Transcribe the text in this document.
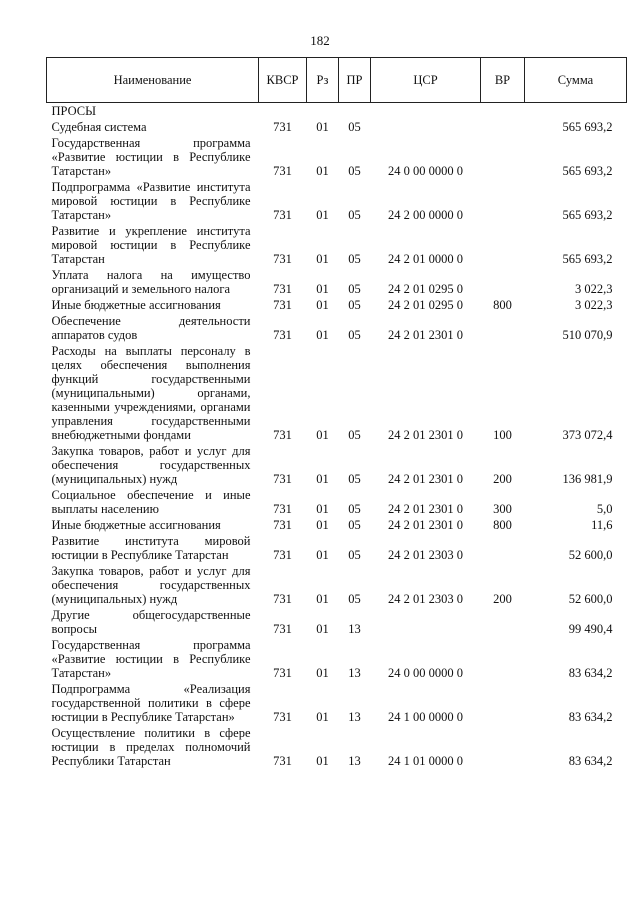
182
Наименование	КВСР	Рз	ПР	ЦСР	ВР	Сумма
ПРОСЫ						
Судебная система	731	01	05			565 693,2
Государственная программа «Развитие юстиции в Республике Татарстан»	731	01	05	24 0 00 0000 0		565 693,2
Подпрограмма «Развитие института мировой юстиции в Республике Татарстан»	731	01	05	24 2 00 0000 0		565 693,2
Развитие и укрепление института мировой юстиции в Республике Татарстан	731	01	05	24 2 01 0000 0		565 693,2
Уплата налога на имущество организаций и земельного налога	731	01	05	24 2 01 0295 0		3 022,3
Иные бюджетные ассигнования	731	01	05	24 2 01 0295 0	800	3 022,3
Обеспечение деятельности аппаратов судов	731	01	05	24 2 01 2301 0		510 070,9
Расходы на выплаты персоналу в целях обеспечения выполнения функций государственными (муниципальными) органами, казенными учреждениями, органами управления государственными внебюджетными фондами	731	01	05	24 2 01 2301 0	100	373 072,4
Закупка товаров, работ и услуг для обеспечения государственных (муниципальных) нужд	731	01	05	24 2 01 2301 0	200	136 981,9
Социальное обеспечение и иные выплаты населению	731	01	05	24 2 01 2301 0	300	5,0
Иные бюджетные ассигнования	731	01	05	24 2 01 2301 0	800	11,6
Развитие института мировой юстиции в Республике Татарстан	731	01	05	24 2 01 2303 0		52 600,0
Закупка товаров, работ и услуг для обеспечения государственных (муниципальных) нужд	731	01	05	24 2 01 2303 0	200	52 600,0
Другие общегосударственные вопросы	731	01	13			99 490,4
Государственная программа «Развитие юстиции в Республике Татарстан»	731	01	13	24 0 00 0000 0		83 634,2
Подпрограмма «Реализация государственной политики в сфере юстиции в Республике Татарстан»	731	01	13	24 1 00 0000 0		83 634,2
Осуществление политики в сфере юстиции в пределах полномочий Республики Татарстан	731	01	13	24 1 01 0000 0		83 634,2
